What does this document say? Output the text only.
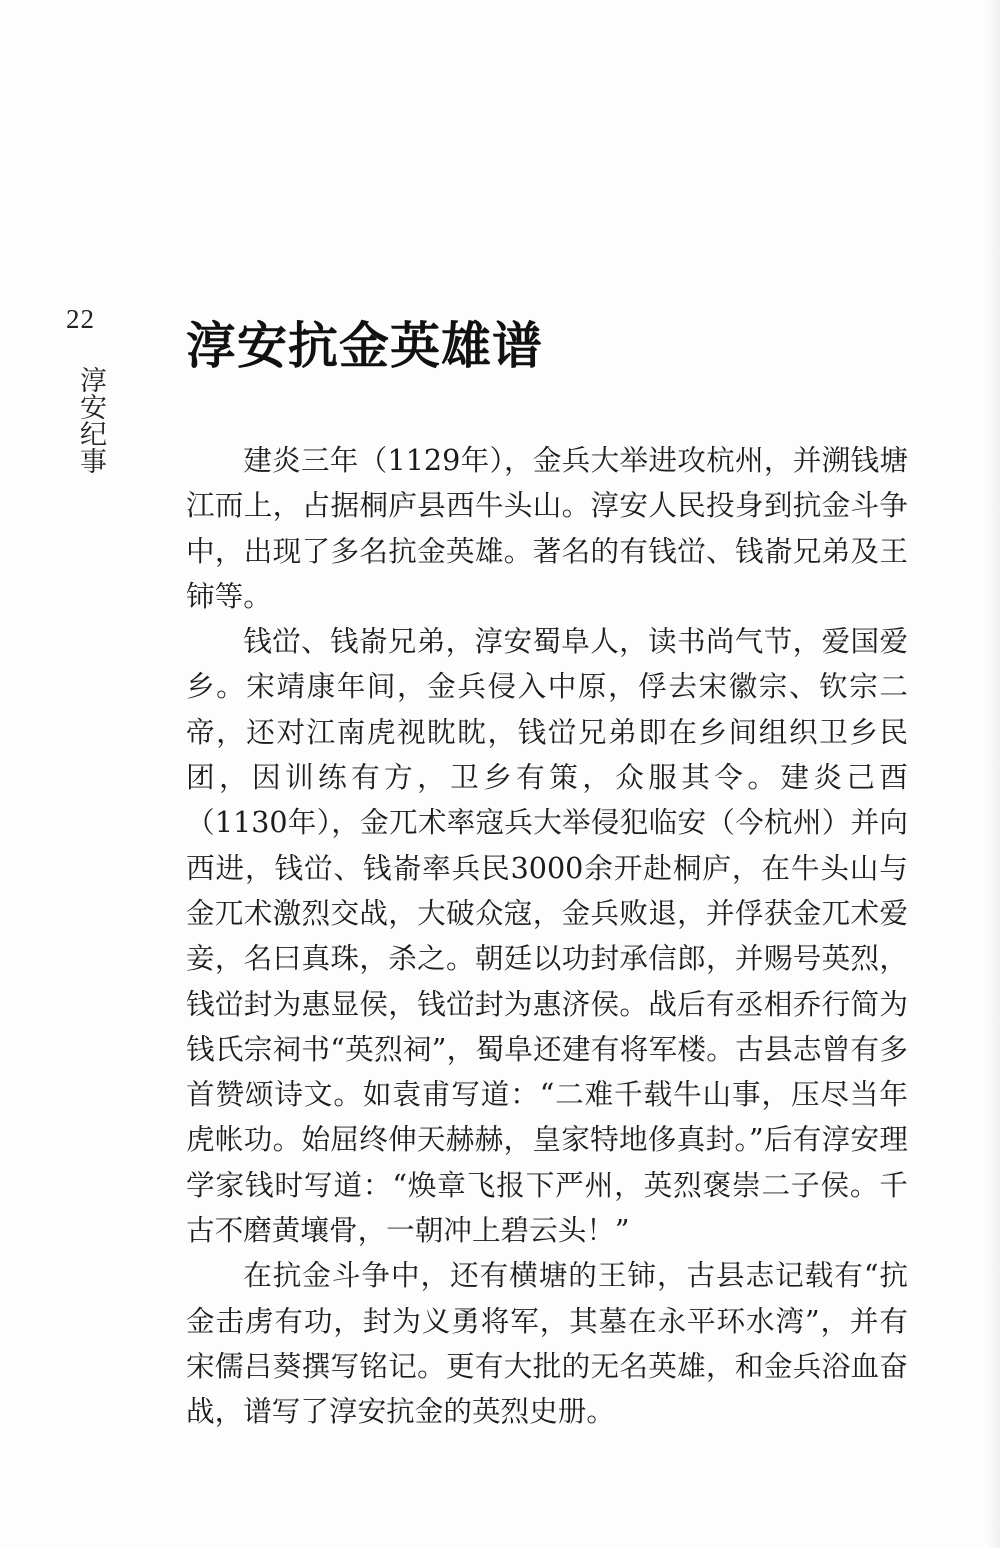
22
淳安纪事
淳安抗金英雄谱

建炎三年（1129年），金兵大举进攻杭州，并溯钱塘江而上，占据桐庐县西牛头山。淳安人民投身到抗金斗争中，出现了多名抗金英雄。著名的有钱峃、钱嵛兄弟及王铈等。

钱峃、钱嵛兄弟，淳安蜀阜人，读书尚气节，爱国爱乡。宋靖康年间，金兵侵入中原，俘去宋徽宗、钦宗二帝，还对江南虎视眈眈，钱峃兄弟即在乡间组织卫乡民团，因训练有方，卫乡有策，众服其令。建炎己酉（1130年），金兀术率寇兵大举侵犯临安（今杭州）并向西进，钱峃、钱嵛率兵民3000余开赴桐庐，在牛头山与金兀术激烈交战，大破众寇，金兵败退，并俘获金兀术爱妾，名曰真珠，杀之。朝廷以功封承信郎，并赐号英烈，钱峃封为惠显侯，钱峃封为惠济侯。战后有丞相乔行简为钱氏宗祠书“英烈祠”，蜀阜还建有将军楼。古县志曾有多首赞颂诗文。如袁甫写道：“二难千载牛山事，压尽当年虎帐功。始屈终伸天赫赫，皇家特地侈真封。”后有淳安理学家钱时写道：“焕章飞报下严州，英烈褒崇二子侯。千古不磨黄壤骨，一朝冲上碧云头！”

在抗金斗争中，还有横塘的王铈，古县志记载有“抗金击虏有功，封为义勇将军，其墓在永平环水湾”，并有宋儒吕葵撰写铭记。更有大批的无名英雄，和金兵浴血奋战，谱写了淳安抗金的英烈史册。
